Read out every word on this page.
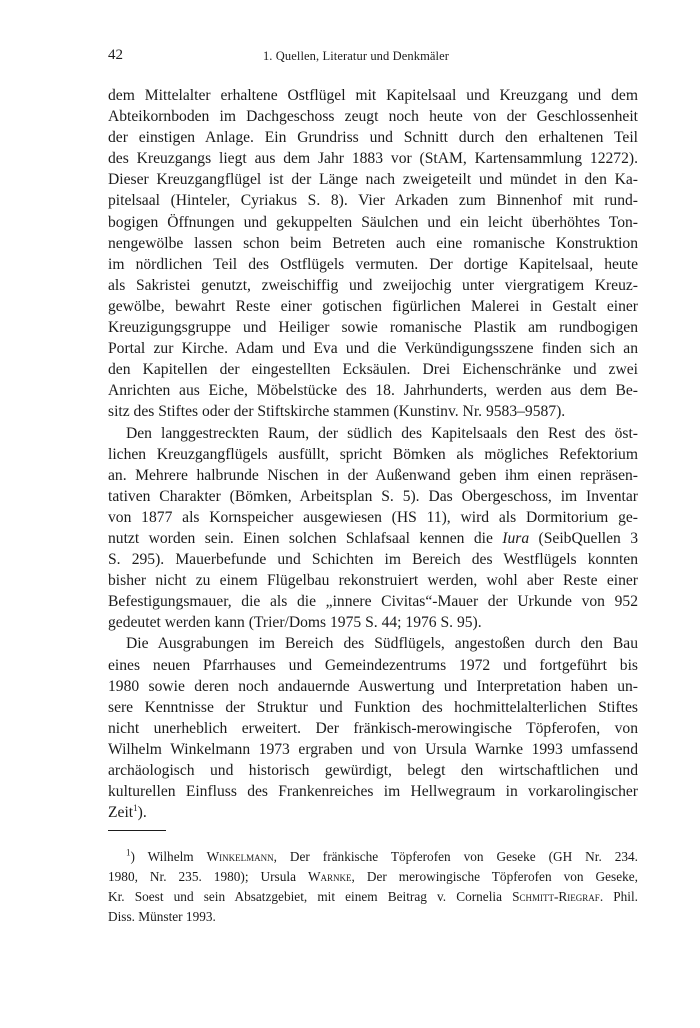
42	1. Quellen, Literatur und Denkmäler
dem Mittelalter erhaltene Ostflügel mit Kapitelsaal und Kreuzgang und dem
Abteikornboden im Dachgeschoss zeugt noch heute von der Geschlossenheit
der einstigen Anlage. Ein Grundriss und Schnitt durch den erhaltenen Teil
des Kreuzgangs liegt aus dem Jahr 1883 vor (StAM, Kartensammlung 12272).
Dieser Kreuzgangflügel ist der Länge nach zweigeteilt und mündet in den Ka-
pitelsaal (Hinteler, Cyriakus S. 8). Vier Arkaden zum Binnenhof mit rund-
bogigen Öffnungen und gekuppelten Säulchen und ein leicht überhöhtes Ton-
nengewölbe lassen schon beim Betreten auch eine romanische Konstruktion
im nördlichen Teil des Ostflügels vermuten. Der dortige Kapitelsaal, heute
als Sakristei genutzt, zweischiffig und zweijochig unter viergratigem Kreuz-
gewölbe, bewahrt Reste einer gotischen figürlichen Malerei in Gestalt einer
Kreuzigungsgruppe und Heiliger sowie romanische Plastik am rundbogigen
Portal zur Kirche. Adam und Eva und die Verkündigungsszene finden sich an
den Kapitellen der eingestellten Ecksäulen. Drei Eichenschränke und zwei
Anrichten aus Eiche, Möbelstücke des 18. Jahrhunderts, werden aus dem Be-
sitz des Stiftes oder der Stiftskirche stammen (Kunstinv. Nr. 9583–9587).
Den langgestreckten Raum, der südlich des Kapitelsaals den Rest des öst-
lichen Kreuzgangflügels ausfüllt, spricht Bömken als mögliches Refektorium
an. Mehrere halbrunde Nischen in der Außenwand geben ihm einen repräsen-
tativen Charakter (Bömken, Arbeitsplan S. 5). Das Obergeschoss, im Inventar
von 1877 als Kornspeicher ausgewiesen (HS 11), wird als Dormitorium ge-
nutzt worden sein. Einen solchen Schlafsaal kennen die Iura (SeibQuellen 3
S. 295). Mauerbefunde und Schichten im Bereich des Westflügels konnten
bisher nicht zu einem Flügelbau rekonstruiert werden, wohl aber Reste einer
Befestigungsmauer, die als die „innere Civitas“-Mauer der Urkunde von 952
gedeutet werden kann (Trier/Doms 1975 S. 44; 1976 S. 95).
Die Ausgrabungen im Bereich des Südflügels, angestoßen durch den Bau
eines neuen Pfarrhauses und Gemeindezentrums 1972 und fortgeführt bis
1980 sowie deren noch andauernde Auswertung und Interpretation haben un-
sere Kenntnisse der Struktur und Funktion des hochmittelalterlichen Stiftes
nicht unerheblich erweitert. Der fränkisch-merowingische Töpferofen, von
Wilhelm Winkelmann 1973 ergraben und von Ursula Warnke 1993 umfassend
archäologisch und historisch gewürdigt, belegt den wirtschaftlichen und
kulturellen Einfluss des Frankenreiches im Hellwegraum in vorkarolingischer
Zeit$^1$).
$^1$) Wilhelm Winkelmann, Der fränkische Töpferofen von Geseke (GH Nr. 234.
1980, Nr. 235. 1980); Ursula Warnke, Der merowingische Töpferofen von Geseke,
Kr. Soest und sein Absatzgebiet, mit einem Beitrag v. Cornelia Schmitt-Riegraf. Phil.
Diss. Münster 1993.
